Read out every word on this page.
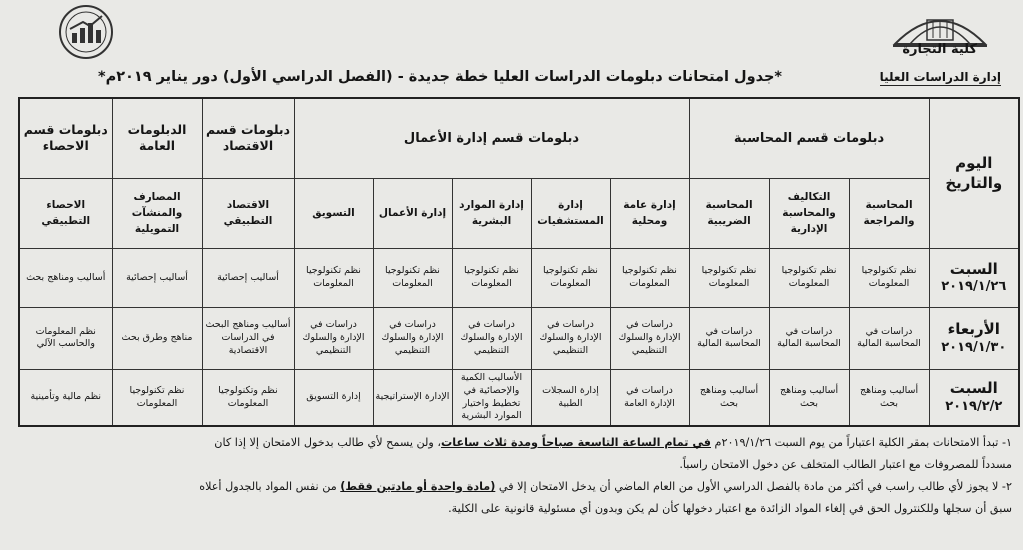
كلية التجارة
إدارة الدراسات العليا
*جدول امتحانات دبلومات الدراسات العليا خطة جديدة - (الفصل الدراسي الأول) دور يناير ٢٠١٩م*
اليوم والتاريخ	دبلومات قسم المحاسبة			دبلومات قسم إدارة الأعمال					دبلومات قسم الاقتصاد	الدبلومات العامة	دبلومات قسم الاحصاء
	المحاسبة والمراجعة	التكاليف والمحاسبة الإدارية	المحاسبة الضريبية	إدارة عامة ومحلية	إدارة المستشفيات	إدارة الموارد البشرية	إدارة الأعمال	التسويق	الاقتصاد التطبيقي	المصارف والمنشآت التمويلية	الاحصاء التطبيقي

السبت
٢٠١٩/١/٢٦	نظم تكنولوجيا المعلومات	نظم تكنولوجيا المعلومات	نظم تكنولوجيا المعلومات	نظم تكنولوجيا المعلومات	نظم تكنولوجيا المعلومات	نظم تكنولوجيا المعلومات	نظم تكنولوجيا المعلومات	نظم تكنولوجيا المعلومات	أساليب إحصائية	أساليب إحصائية	أساليب ومناهج بحث

الأربعاء
٢٠١٩/١/٣٠	دراسات في المحاسبة المالية	دراسات في المحاسبة المالية	دراسات في المحاسبة المالية	دراسات في الإدارة والسلوك التنظيمي	دراسات في الإدارة والسلوك التنظيمي	دراسات في الإدارة والسلوك التنظيمي	دراسات في الإدارة والسلوك التنظيمي	دراسات في الإدارة والسلوك التنظيمي	أساليب ومناهج البحث في الدراسات الاقتصادية	مناهج وطرق بحث	نظم المعلومات والحاسب الآلي

السبت
٢٠١٩/٢/٢	أساليب ومناهج بحث	أساليب ومناهج بحث	أساليب ومناهج بحث	دراسات في الإدارة العامة	إدارة السجلات الطبية	الأساليب الكمية والإحصائية في تخطيط واختيار الموارد البشرية	الإدارة الإستراتيجية	إدارة التسويق	نظم وتكنولوجيا المعلومات	نظم تكنولوجيا المعلومات	نظم مالية وتأمينية

١- تبدأ الامتحانات بمقر الكلية اعتباراً من يوم السبت ٢٠١٩/١/٢٦م في تمام الساعة التاسعة صباحاً ومدة ثلاث ساعات، ولن يسمح لأي طالب بدخول الامتحان إلا إذا كان

مسدداً للمصروفات مع اعتبار الطالب المتخلف عن دخول الامتحان راسباً.

٢- لا يجوز لأي طالب راسب في أكثر من مادة بالفصل الدراسي الأول من العام الماضي أن يدخل الامتحان إلا في (مادة واحدة أو مادتين فقط) من نفس المواد بالجدول أعلاه

سبق أن سجلها وللكنترول الحق في إلغاء المواد الزائدة مع اعتبار دخولها كأن لم يكن وبدون أي مسئولية قانونية على الكلية.
